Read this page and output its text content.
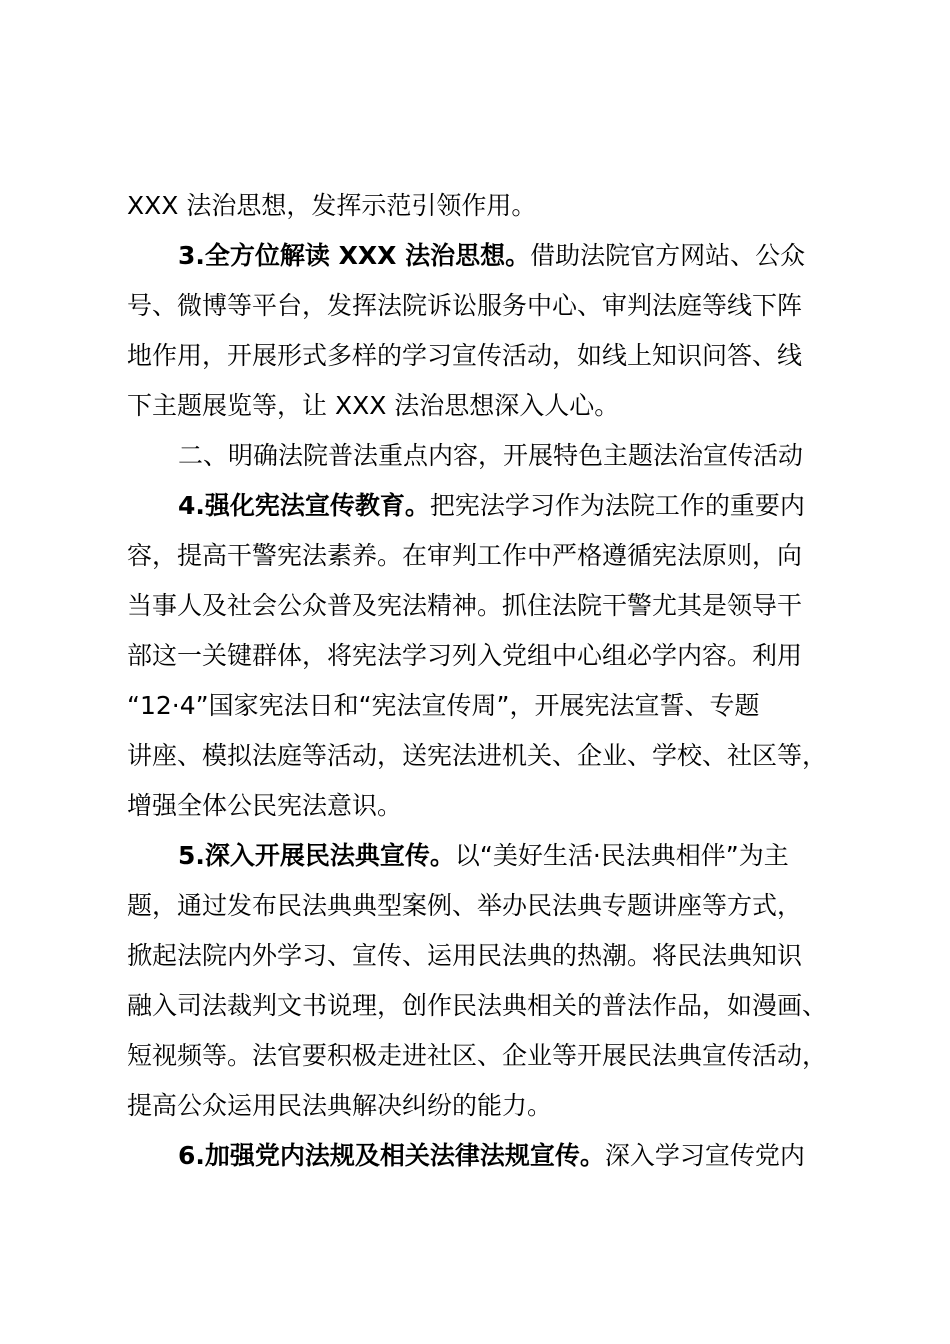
XXX 法治思想，发挥示范引领作用。
3.全方位解读 XXX 法治思想。借助法院官方网站、公众
号、微博等平台，发挥法院诉讼服务中心、审判法庭等线下阵
地作用，开展形式多样的学习宣传活动，如线上知识问答、线
下主题展览等，让 XXX 法治思想深入人心。
二、明确法院普法重点内容，开展特色主题法治宣传活动
4.强化宪法宣传教育。把宪法学习作为法院工作的重要内
容，提高干警宪法素养。在审判工作中严格遵循宪法原则，向
当事人及社会公众普及宪法精神。抓住法院干警尤其是领导干
部这一关键群体，将宪法学习列入党组中心组必学内容。利用
“12·4”国家宪法日和“宪法宣传周”，开展宪法宣誓、专题
讲座、模拟法庭等活动，送宪法进机关、企业、学校、社区等，
增强全体公民宪法意识。
5.深入开展民法典宣传。以“美好生活·民法典相伴”为主
题，通过发布民法典典型案例、举办民法典专题讲座等方式，
掀起法院内外学习、宣传、运用民法典的热潮。将民法典知识
融入司法裁判文书说理，创作民法典相关的普法作品，如漫画、
短视频等。法官要积极走进社区、企业等开展民法典宣传活动，
提高公众运用民法典解决纠纷的能力。
6.加强党内法规及相关法律法规宣传。深入学习宣传党内
